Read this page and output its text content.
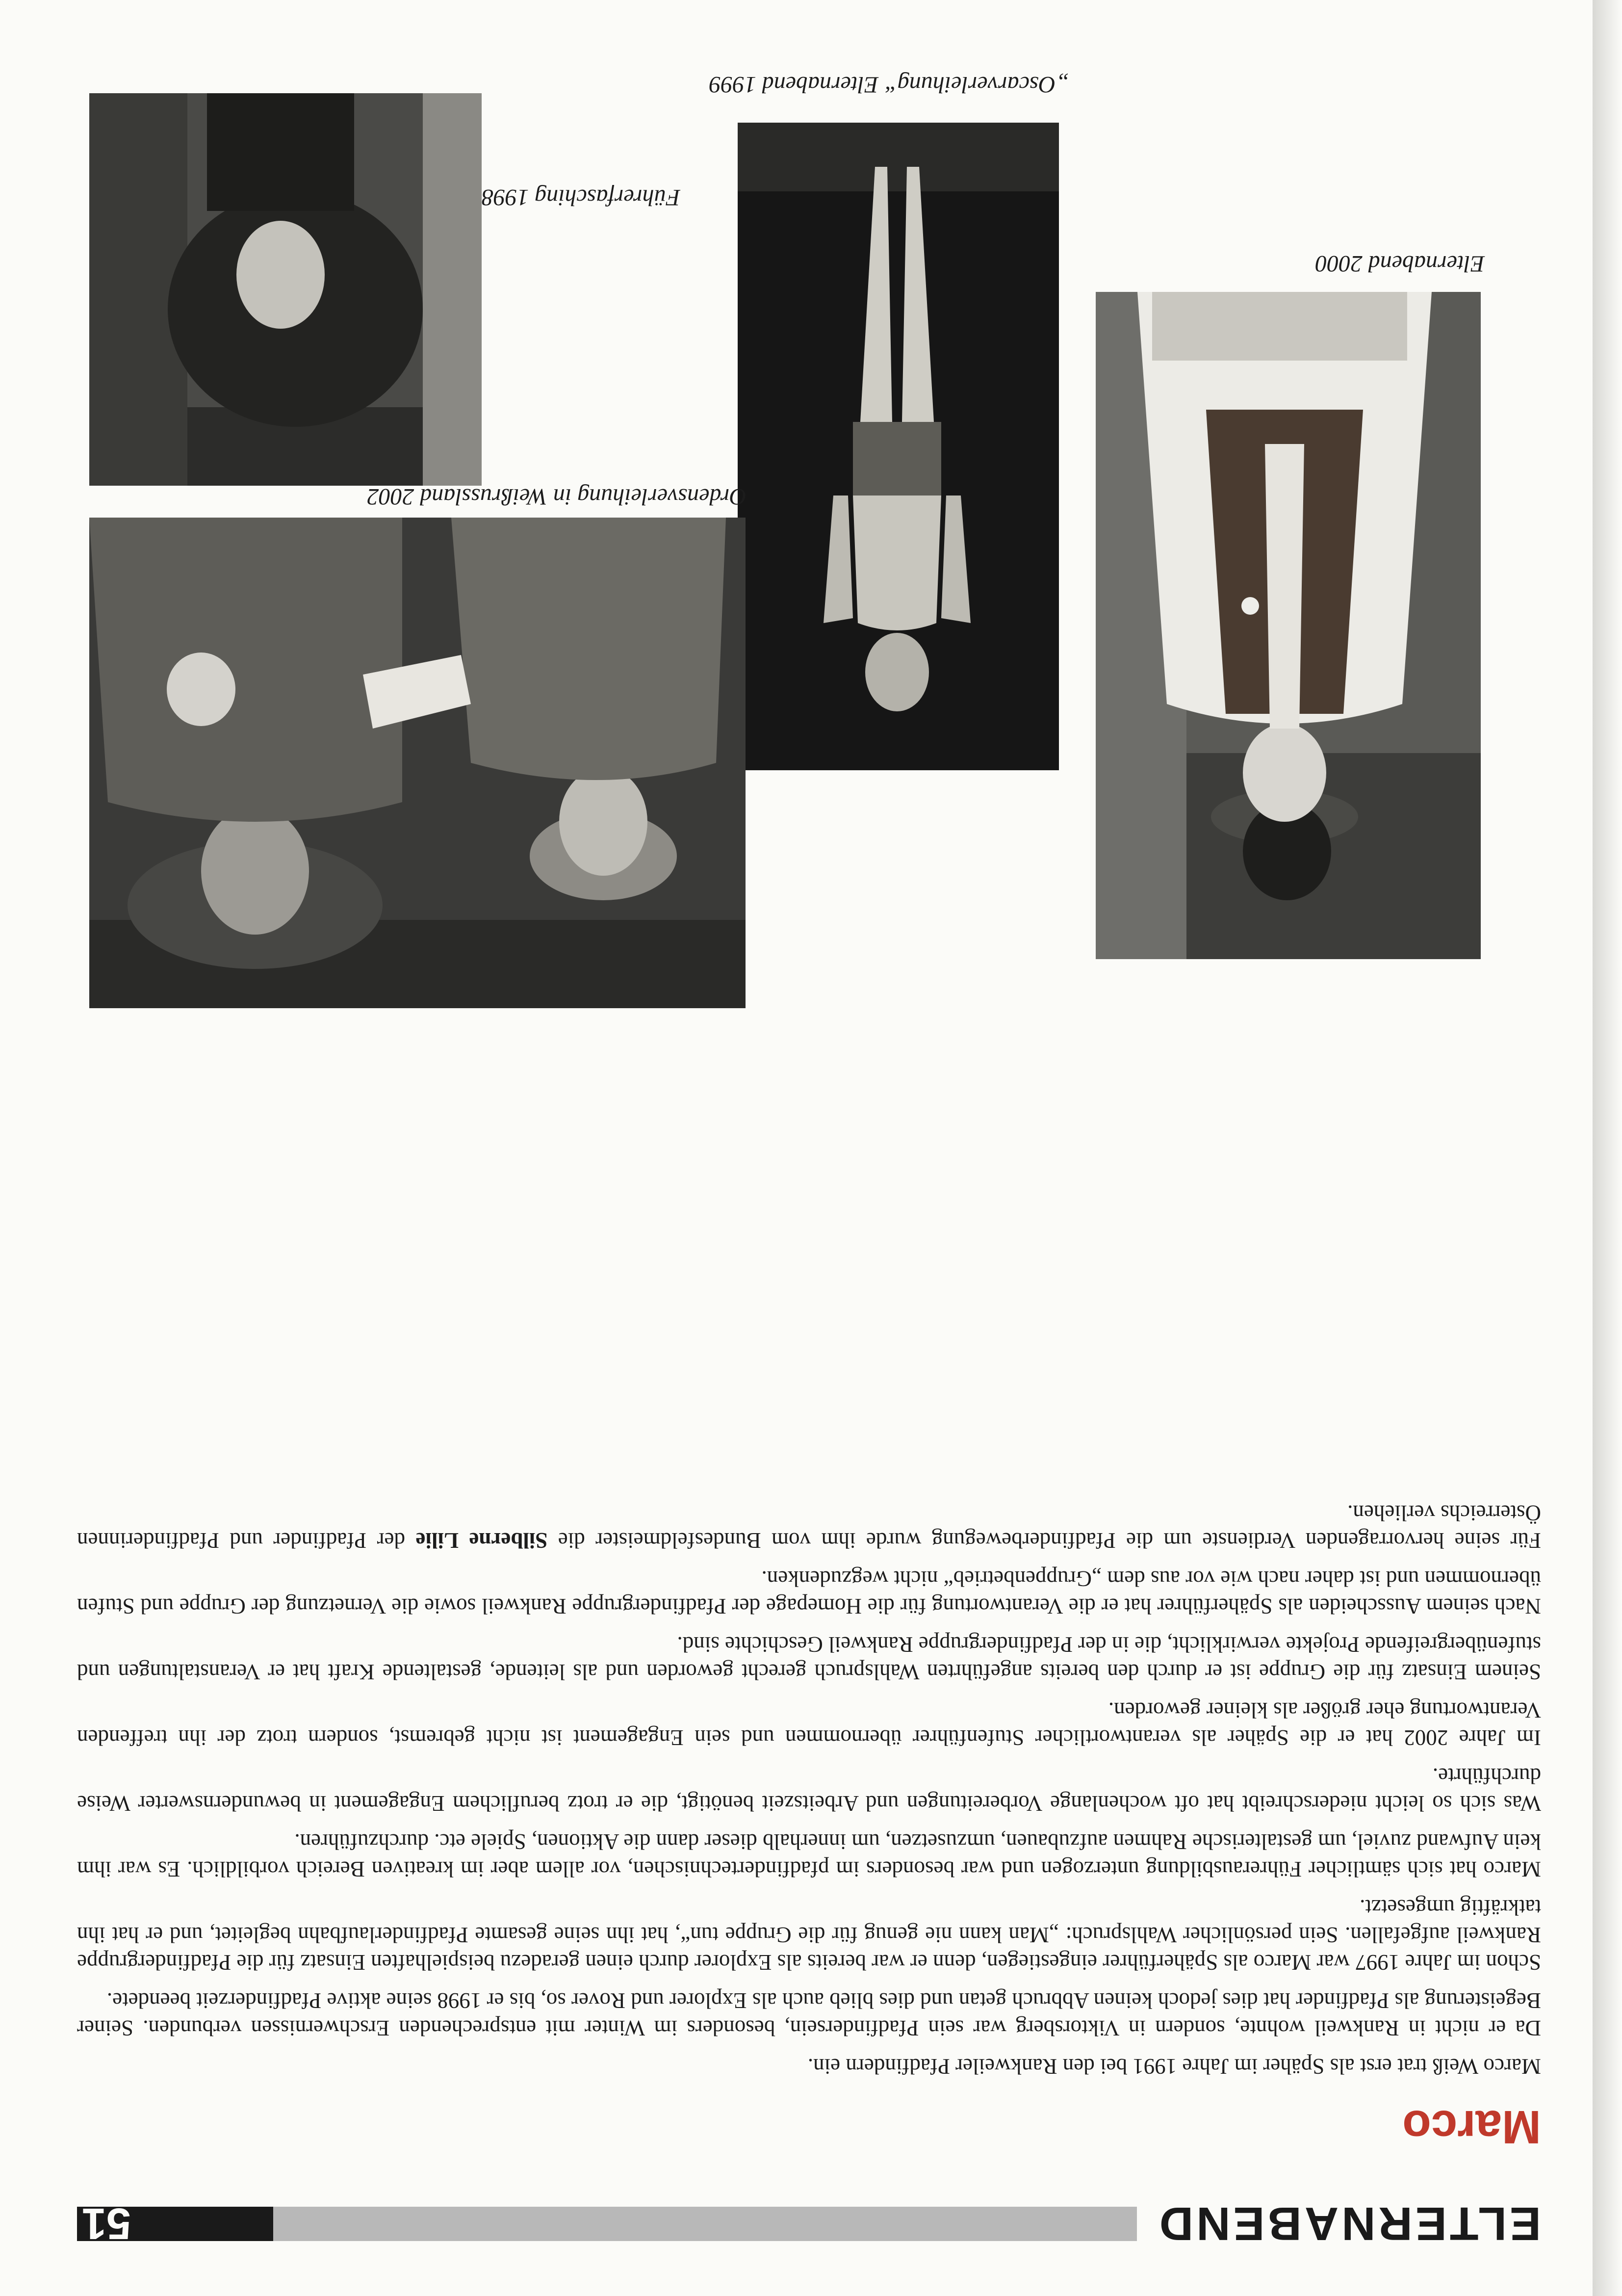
ELTERNABEND
51
Marco

Marco Weiß trat erst als Späher im Jahre 1991 bei den Rankweiler Pfadfindern ein.

Da er nicht in Rankweil wohnte, sondern in Viktorsberg war sein Pfadfindersein, besonders im Winter mit entsprechenden Erschwernissen verbunden. Seiner Begeisterung als Pfadfinder hat dies jedoch keinen Abbruch getan und dies blieb auch als Explorer und Rover so, bis er 1998 seine aktive Pfadfinderzeit beendete.

Schon im Jahre 1997 war Marco als Späherführer eingestiegen, denn er war bereits als Explorer durch einen geradezu beispielhaften Einsatz für die Pfadfindergruppe Rankweil aufgefallen. Sein persönlicher Wahlspruch: „Man kann nie genug für die Gruppe tun“, hat ihn seine gesamte Pfadfinderlaufbahn begleitet, und er hat ihn tatkräftig umgesetzt.

Marco hat sich sämtlicher Führerausbildung unterzogen und war besonders im pfadfindertechnischen, vor allem aber im kreativen Bereich vorbildlich. Es war ihm kein Aufwand zuviel, um gestalterische Rahmen aufzubauen, umzusetzen, um innerhalb dieser dann die Aktionen, Spiele etc. durchzuführen.

Was sich so leicht niederschreibt hat oft wochenlange Vorbereitungen und Arbeitszeit benötigt, die er trotz beruflichem Engagement in bewundernswerter Weise durchführte.

Im Jahre 2002 hat er die Späher als verantwortlicher Stufenführer übernommen und sein Engagement ist nicht gebremst, sondern trotz der ihn treffenden Verantwortung eher größer als kleiner geworden.

Seinem Einsatz für die Gruppe ist er durch den bereits angeführten Wahlspruch gerecht geworden und als leitende, gestaltende Kraft hat er Veranstaltungen und stufenübergreifende Projekte verwirklicht, die in der Pfadfindergruppe Rankweil Geschichte sind.

Nach seinem Ausscheiden als Späherführer hat er die Verantwortung für die Homepage der Pfadfindergruppe Rankweil sowie die Vernetzung der Gruppe und Stufen übernommen und ist daher nach wie vor aus dem „Gruppenbetrieb“ nicht wegzudenken.

Für seine hervorragenden Verdienste um die Pfadfinderbewegung wurde ihm vom Bundesfeldmeister die Silberne Lilie der Pfadfinder und Pfadfinderinnen Österreichs verliehen.

Elternabend 2000
„Oscarverleihung“ Elternabend 1999
Führerfasching 1998
Ordensverleihung in Weißrussland 2002
